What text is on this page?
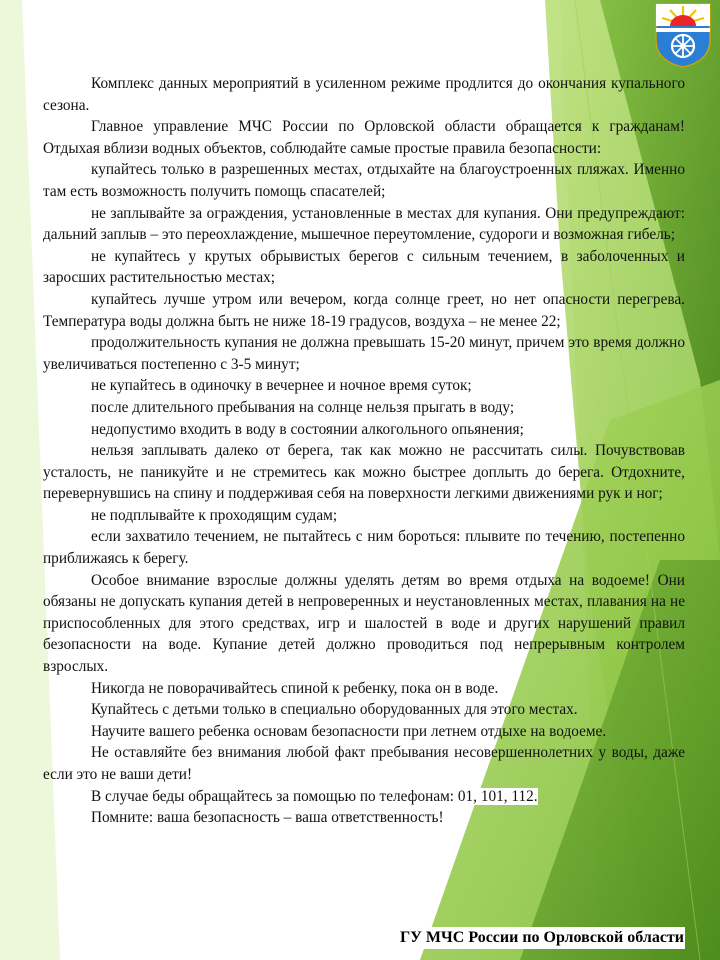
Комплекс данных мероприятий в усиленном режиме продлится до окончания купального сезона.

Главное управление МЧС России по Орловской области обращается к гражданам! Отдыхая вблизи водных объектов, соблюдайте самые простые правила безопасности:

купайтесь только в разрешенных местах, отдыхайте на благоустроенных пляжах. Именно там есть возможность получить помощь спасателей;

не заплывайте за ограждения, установленные в местах для купания. Они предупреждают: дальний заплыв – это переохлаждение, мышечное переутомление, судороги и возможная гибель;

не купайтесь у крутых обрывистых берегов с сильным течением, в заболоченных и заросших растительностью местах;

купайтесь лучше утром или вечером, когда солнце греет, но нет опасности перегрева. Температура воды должна быть не ниже 18-19 градусов, воздуха – не менее 22;

продолжительность купания не должна превышать 15-20 минут, причем это время должно увеличиваться постепенно с 3-5 минут;

не купайтесь в одиночку в вечернее и ночное время суток;

после длительного пребывания на солнце нельзя прыгать в воду;

недопустимо входить в воду в состоянии алкогольного опьянения;

нельзя заплывать далеко от берега, так как можно не рассчитать силы. Почувствовав усталость, не паникуйте и не стремитесь как можно быстрее доплыть до берега. Отдохните, перевернувшись на спину и поддерживая себя на поверхности легкими движениями рук и ног;

не подплывайте к проходящим судам;

если захватило течением, не пытайтесь с ним бороться: плывите по течению, постепенно приближаясь к берегу.

Особое внимание взрослые должны уделять детям во время отдыха на водоеме! Они обязаны не допускать купания детей в непроверенных и неустановленных местах, плавания на не приспособленных для этого средствах, игр и шалостей в воде и других нарушений правил безопасности на воде. Купание детей должно проводиться под непрерывным контролем взрослых.

Никогда не поворачивайтесь спиной к ребенку, пока он в воде.

Купайтесь с детьми только в специально оборудованных для этого местах.

Научите вашего ребенка основам безопасности при летнем отдыхе на водоеме.

Не оставляйте без внимания любой факт пребывания несовершеннолетних у воды, даже если это не ваши дети!

В случае беды обращайтесь за помощью по телефонам: 01, 101, 112.

Помните: ваша безопасность – ваша ответственность!

ГУ МЧС России по Орловской области
